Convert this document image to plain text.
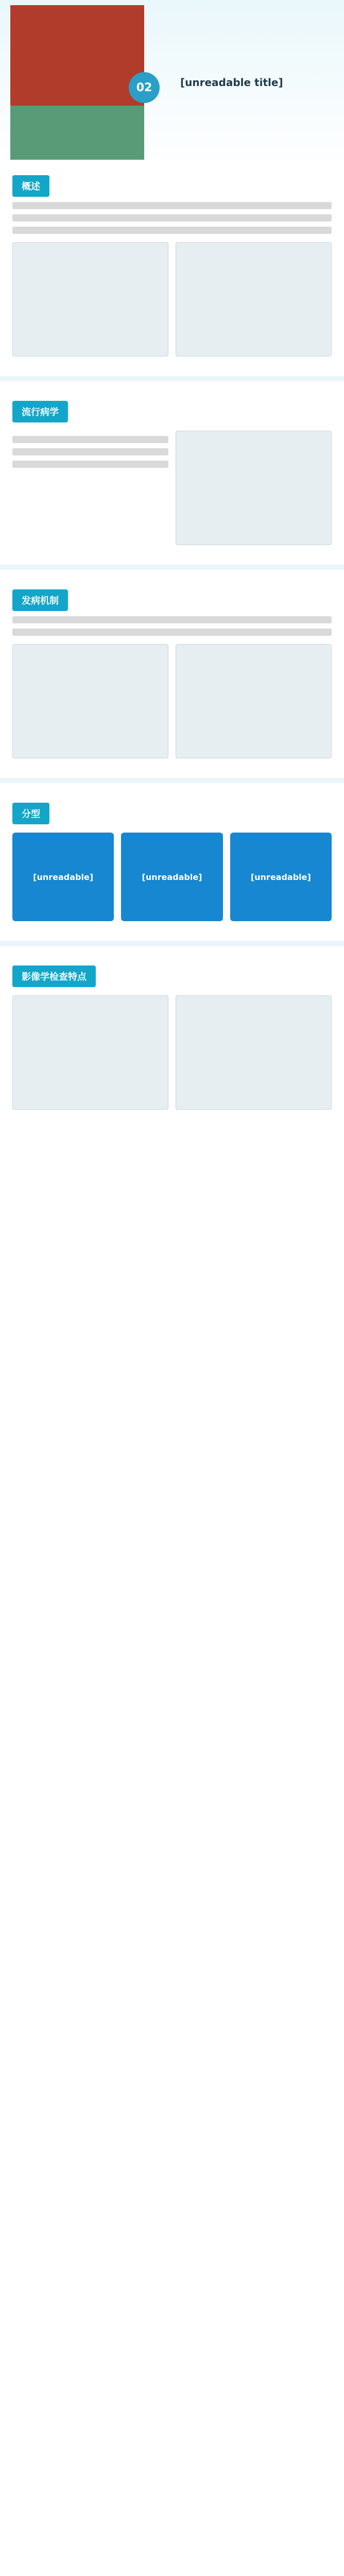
02	[unreadable title]
概述
流行病学
发病机制
分型
[unreadable]	[unreadable]	[unreadable]
影像学检查特点
